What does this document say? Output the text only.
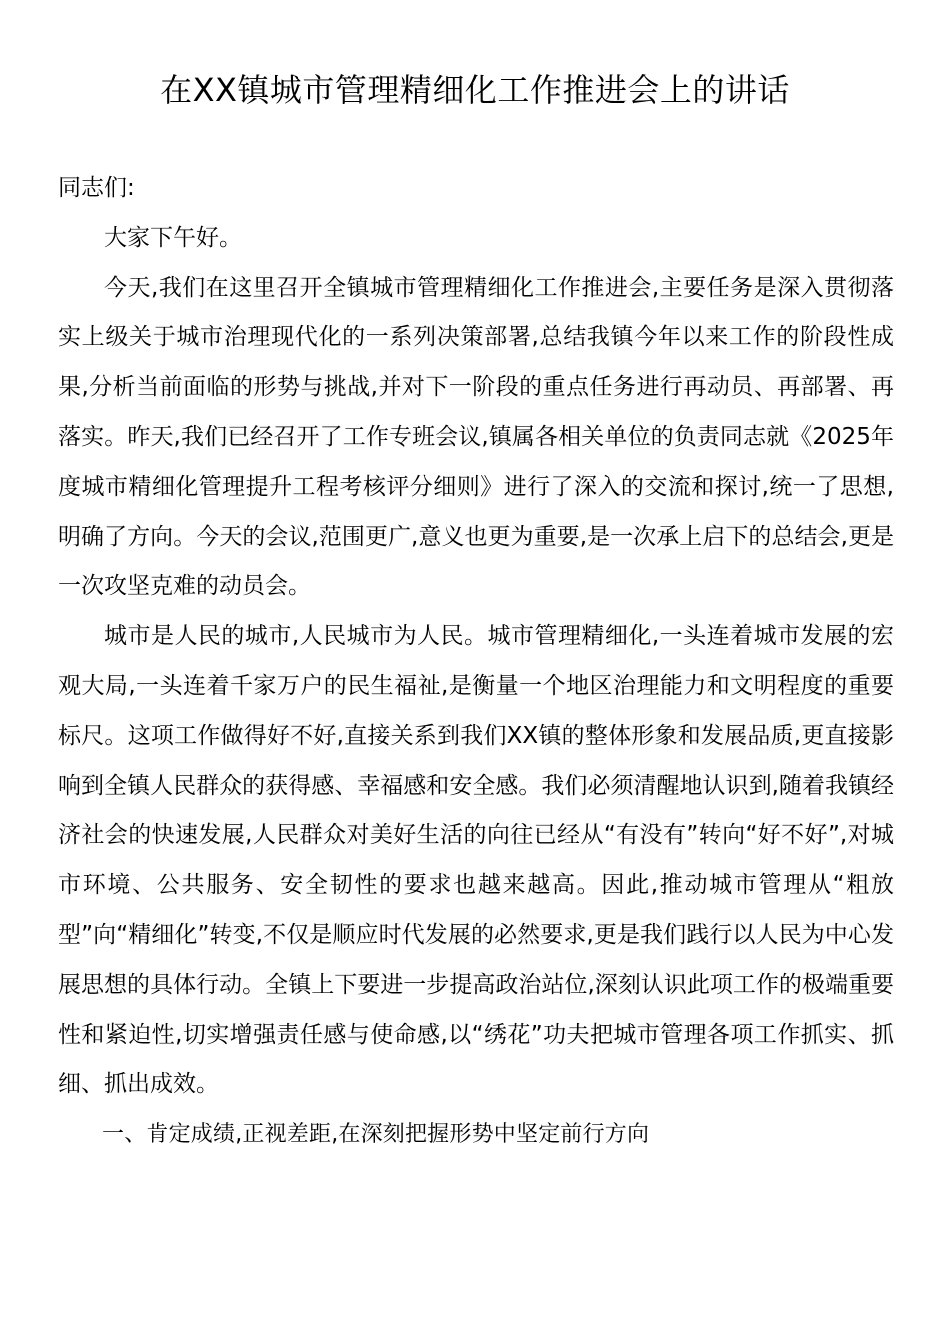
在XX镇城市管理精细化工作推进会上的讲话

同志们:

大家下午好。

今天,我们在这里召开全镇城市管理精细化工作推进会,主要任务是深入贯彻落实上级关于城市治理现代化的一系列决策部署,总结我镇今年以来工作的阶段性成果,分析当前面临的形势与挑战,并对下一阶段的重点任务进行再动员、再部署、再落实。昨天,我们已经召开了工作专班会议,镇属各相关单位的负责同志就《2025年度城市精细化管理提升工程考核评分细则》进行了深入的交流和探讨,统一了思想,明确了方向。今天的会议,范围更广,意义也更为重要,是一次承上启下的总结会,更是一次攻坚克难的动员会。

城市是人民的城市,人民城市为人民。城市管理精细化,一头连着城市发展的宏观大局,一头连着千家万户的民生福祉,是衡量一个地区治理能力和文明程度的重要标尺。这项工作做得好不好,直接关系到我们XX镇的整体形象和发展品质,更直接影响到全镇人民群众的获得感、幸福感和安全感。我们必须清醒地认识到,随着我镇经济社会的快速发展,人民群众对美好生活的向往已经从“有没有”转向“好不好”,对城市环境、公共服务、安全韧性的要求也越来越高。因此,推动城市管理从“粗放型”向“精细化”转变,不仅是顺应时代发展的必然要求,更是我们践行以人民为中心发展思想的具体行动。全镇上下要进一步提高政治站位,深刻认识此项工作的极端重要性和紧迫性,切实增强责任感与使命感,以“绣花”功夫把城市管理各项工作抓实、抓细、抓出成效。

一、肯定成绩,正视差距,在深刻把握形势中坚定前行方向
